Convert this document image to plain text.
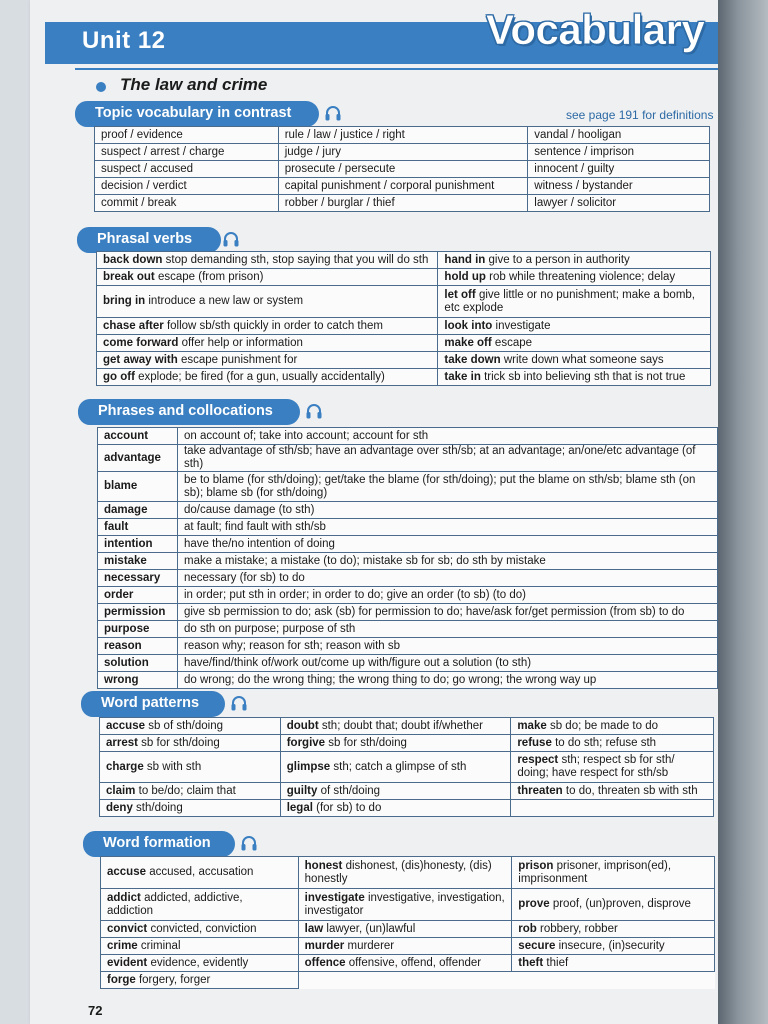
Unit 12	Vocabulary
The law and crime
Topic vocabulary in contrast	see page 191 for definitions
proof / evidence	rule / law / justice / right	vandal / hooligan
suspect / arrest / charge	judge / jury	sentence / imprison
suspect / accused	prosecute / persecute	innocent / guilty
decision / verdict	capital punishment / corporal punishment	witness / bystander
commit / break	robber / burglar / thief	lawyer / solicitor
Phrasal verbs
back down stop demanding sth, stop saying that you will do sth	hand in give to a person in authority
break out escape (from prison)	hold up rob while threatening violence; delay
bring in introduce a new law or system	let off give little or no punishment; make a bomb, etc explode
chase after follow sb/sth quickly in order to catch them	look into investigate
come forward offer help or information	make off escape
get away with escape punishment for	take down write down what someone says
go off explode; be fired (for a gun, usually accidentally)	take in trick sb into believing sth that is not true
Phrases and collocations
account	on account of; take into account; account for sth
advantage	take advantage of sth/sb; have an advantage over sth/sb; at an advantage; an/one/etc advantage (of sth)
blame	be to blame (for sth/doing); get/take the blame (for sth/doing); put the blame on sth/sb; blame sth (on sb); blame sb (for sth/doing)
damage	do/cause damage (to sth)
fault	at fault; find fault with sth/sb
intention	have the/no intention of doing
mistake	make a mistake; a mistake (to do); mistake sb for sb; do sth by mistake
necessary	necessary (for sb) to do
order	in order; put sth in order; in order to do; give an order (to sb) (to do)
permission	give sb permission to do; ask (sb) for permission to do; have/ask for/get permission (from sb) to do
purpose	do sth on purpose; purpose of sth
reason	reason why; reason for sth; reason with sb
solution	have/find/think of/work out/come up with/figure out a solution (to sth)
wrong	do wrong; do the wrong thing; the wrong thing to do; go wrong; the wrong way up
Word patterns
accuse sb of sth/doing	doubt sth; doubt that; doubt if/whether	make sb do; be made to do
arrest sb for sth/doing	forgive sb for sth/doing	refuse to do sth; refuse sth
charge sb with sth	glimpse sth; catch a glimpse of sth	respect sth; respect sb for sth/ doing; have respect for sth/sb
claim to be/do; claim that	guilty of sth/doing	threaten to do, threaten sb with sth
deny sth/doing	legal (for sb) to do	
Word formation
accuse accused, accusation	honest dishonest, (dis)honesty, (dis) honestly	prison prisoner, imprison(ed), imprisonment
addict addicted, addictive, addiction	investigate investigative, investigation, investigator	prove proof, (un)proven, disprove
convict convicted, conviction	law lawyer, (un)lawful	rob robbery, robber
crime criminal	murder murderer	secure insecure, (in)security
evident evidence, evidently	offence offensive, offend, offender	theft thief
forge forgery, forger		
72
